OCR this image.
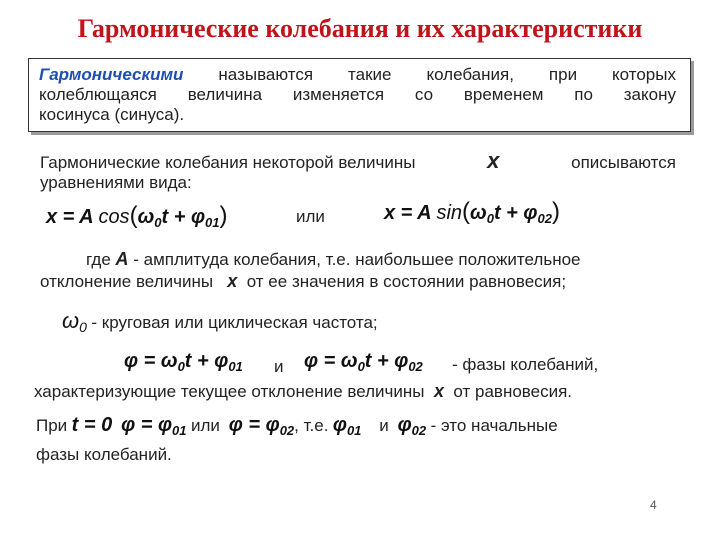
Гармонические колебания и их характеристики
Гармоническими называются такие колебания, при которых
колеблющаяся величина изменяется со временем по закону
косинуса (синуса).
Гармонические колебания некоторой величины	x	описываются
уравнениями вида:
x = A $\cos(\omega_0t + \varphi_{01})$	или	x = A $\sin(\omega_0t + \varphi_{02})$
где A - амплитуда колебания, т.е. наибольшее положительное
отклонение величины x от ее значения в состоянии равновесия;
ω0 - круговая или циклическая частота;
$\varphi = \omega_0t + \varphi_{01}$ и $\varphi = \omega_0t + \varphi_{02}$ - фазы колебаний,
характеризующие текущее отклонение величины x от равновесия.
При t = 0 $\varphi = \varphi_{01}$ или $\varphi = \varphi_{02}$, т.е. $\varphi_{01}$ и $\varphi_{02}$ - это начальные
фазы колебаний.
4
